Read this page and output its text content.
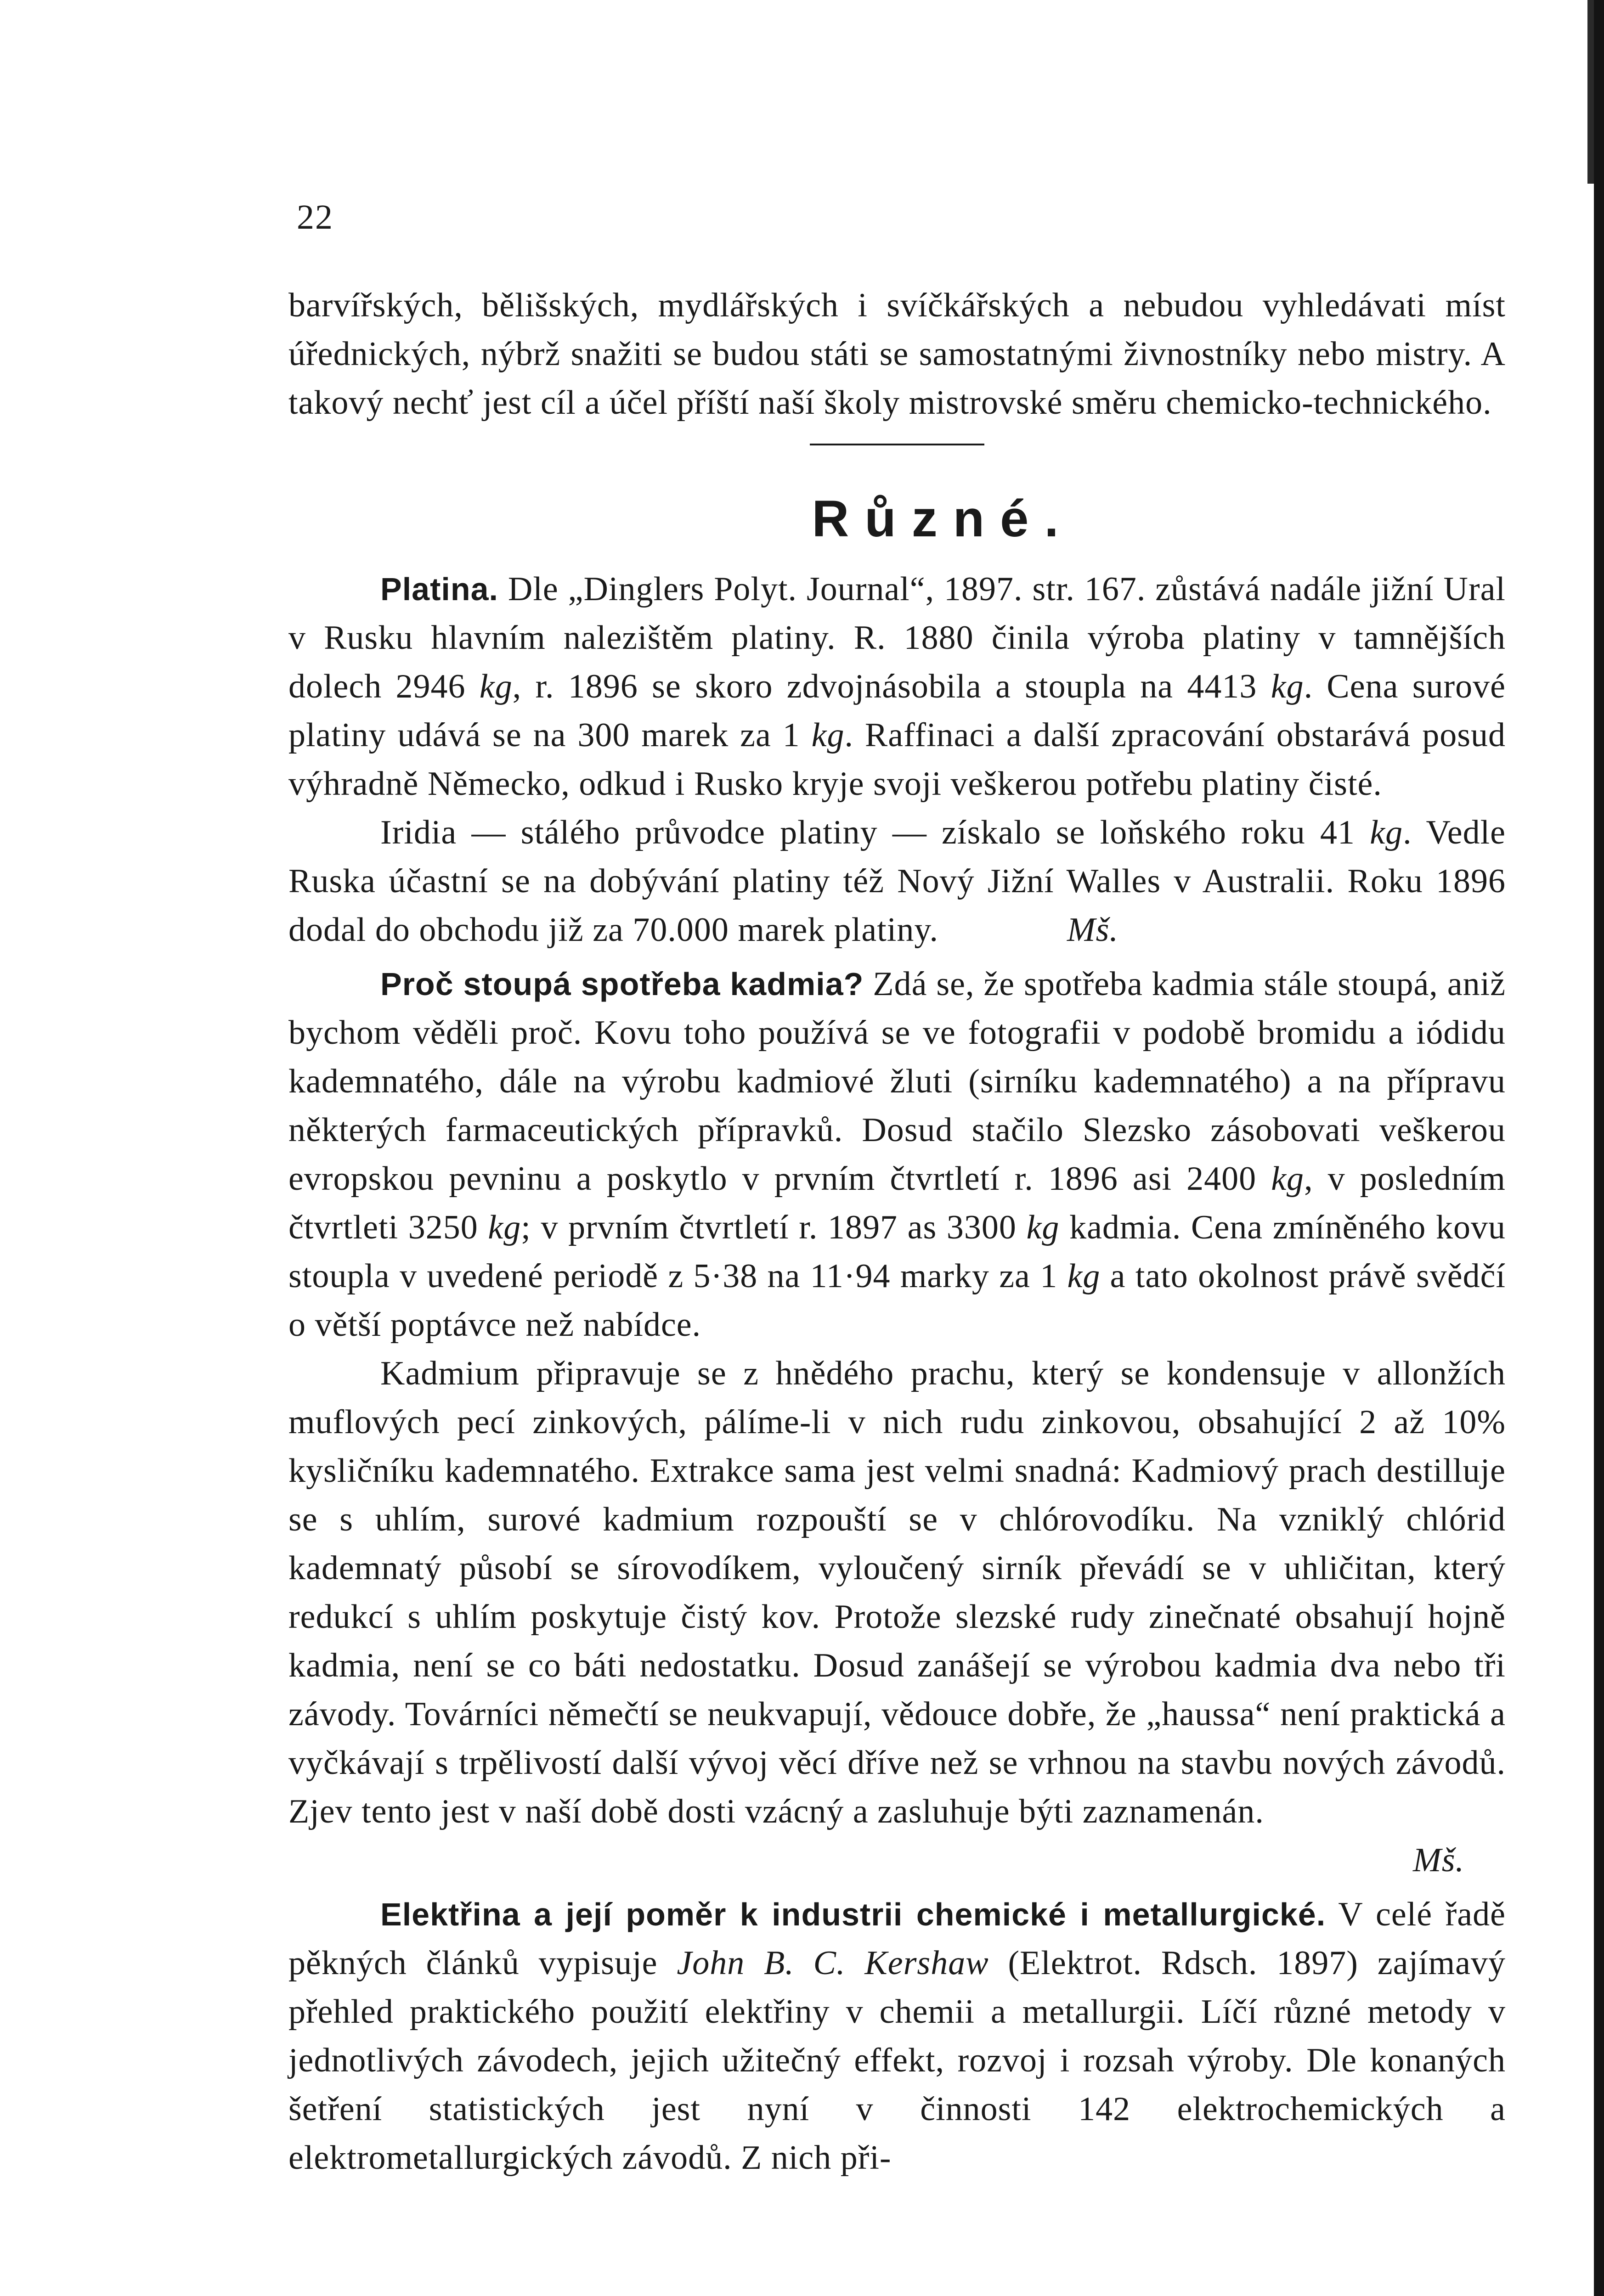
22

barvířských, bělišských, mydlářských i svíčkářských a nebudou vyhledávati míst úřednických, nýbrž snažiti se budou státi se samostatnými živnostníky nebo mistry. A takový nechť jest cíl a účel příští naší školy mistrovské směru chemicko-technického.

Různé.

Platina. Dle „Dinglers Polyt. Journal“, 1897. str. 167. zůstává nadále jižní Ural v Rusku hlavním nalezištěm platiny. R. 1880 činila výroba platiny v tamnějších dolech 2946 kg, r. 1896 se skoro zdvojnásobila a stoupla na 4413 kg. Cena surové platiny udává se na 300 marek za 1 kg. Raffinaci a další zpracování obstarává posud výhradně Německo, odkud i Rusko kryje svoji veškerou potřebu platiny čisté.

Iridia — stálého průvodce platiny — získalo se loňského roku 41 kg. Vedle Ruska účastní se na dobývání platiny též Nový Jižní Walles v Australii. Roku 1896 dodal do obchodu již za 70.000 marek platiny.	Mš.

Proč stoupá spotřeba kadmia? Zdá se, že spotřeba kadmia stále stoupá, aniž bychom věděli proč. Kovu toho používá se ve fotografii v podobě bromidu a iódidu kademnatého, dále na výrobu kadmiové žluti (sirníku kademnatého) a na přípravu některých farmaceutických přípravků. Dosud stačilo Slezsko zásobovati veškerou evropskou pevninu a poskytlo v prvním čtvrtletí r. 1896 asi 2400 kg, v posledním čtvrtleti 3250 kg; v prvním čtvrtletí r. 1897 as 3300 kg kadmia. Cena zmíněného kovu stoupla v uvedené periodě z 5·38 na 11·94 marky za 1 kg a tato okolnost právě svědčí o větší poptávce než nabídce.

Kadmium připravuje se z hnědého prachu, který se kondensuje v allonžích muflových pecí zinkových, pálíme-li v nich rudu zinkovou, obsahující 2 až 10% kysličníku kademnatého. Extrakce sama jest velmi snadná: Kadmiový prach destilluje se s uhlím, surové kadmium rozpouští se v chlórovodíku. Na vzniklý chlórid kademnatý působí se sírovodíkem, vyloučený sirník převádí se v uhličitan, který redukcí s uhlím poskytuje čistý kov. Protože slezské rudy zinečnaté obsahují hojně kadmia, není se co báti nedostatku. Dosud zanášejí se výrobou kadmia dva nebo tři závody. Továrníci němečtí se neukvapují, vědouce dobře, že „haussa“ není praktická a vyčkávají s trpělivostí další vývoj věcí dříve než se vrhnou na stavbu nových závodů. Zjev tento jest v naší době dosti vzácný a zasluhuje býti zaznamenán.

Mš.

Elektřina a její poměr k industrii chemické i metallurgické. V celé řadě pěkných článků vypisuje John B. C. Kershaw (Elektrot. Rdsch. 1897) zajímavý přehled praktického použití elektřiny v chemii a metallurgii. Líčí různé metody v jednotlivých závodech, jejich užitečný effekt, rozvoj i rozsah výroby. Dle konaných šetření statistických jest nyní v činnosti 142 elektrochemických a elektrometallurgických závodů. Z nich při-
